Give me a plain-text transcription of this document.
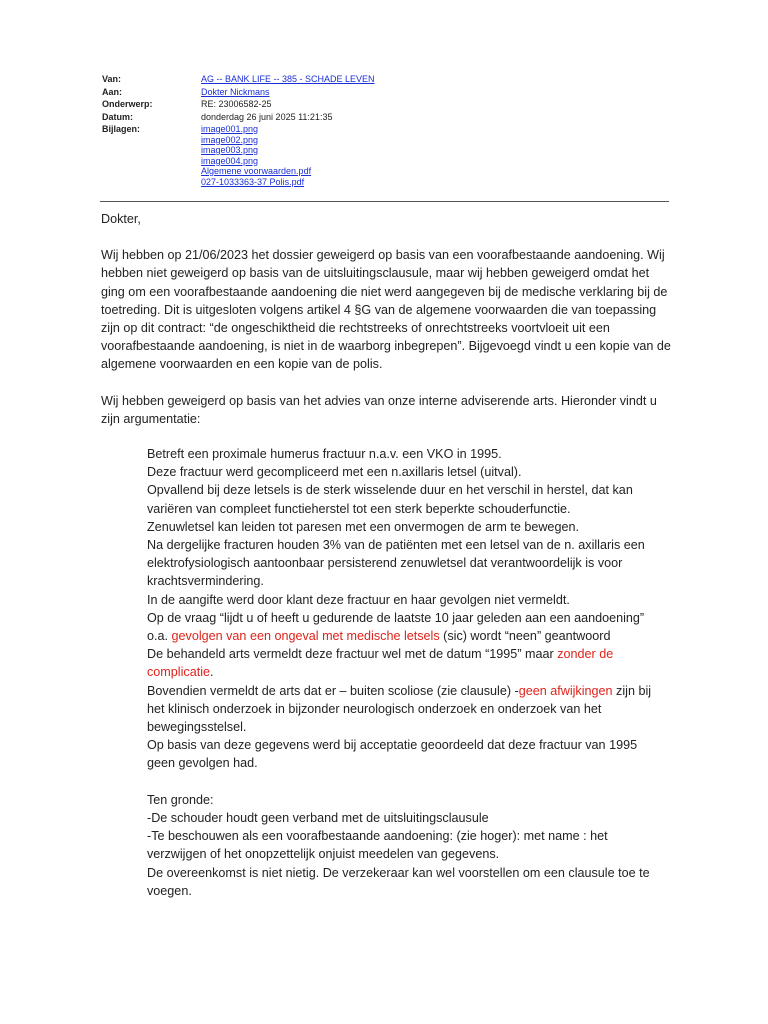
Van:	AG -- BANK LIFE -- 385 - SCHADE LEVEN
Aan:	Dokter Nickmans
Onderwerp:	RE: 23006582-25
Datum:	donderdag 26 juni 2025 11:21:35
Bijlagen:	image001.png
image002.png
image003.png
image004.png
Algemene voorwaarden.pdf
027-1033363-37 Polis.pdf

Dokter,

Wij hebben op 21/06/2023 het dossier geweigerd op basis van een voorafbestaande aandoening. Wij hebben niet geweigerd op basis van de uitsluitingsclausule, maar wij hebben geweigerd omdat het ging om een voorafbestaande aandoening die niet werd aangegeven bij de medische verklaring bij de toetreding. Dit is uitgesloten volgens artikel 4 §G van de algemene voorwaarden die van toepassing zijn op dit contract: “de ongeschiktheid die rechtstreeks of onrechtstreeks voortvloeit uit een voorafbestaande aandoening, is niet in de waarborg inbegrepen”. Bijgevoegd vindt u een kopie van de algemene voorwaarden en een kopie van de polis.

Wij hebben geweigerd op basis van het advies van onze interne adviserende arts. Hieronder vindt u zijn argumentatie:

Betreft een proximale humerus fractuur n.a.v. een VKO in 1995.

Deze fractuur werd gecompliceerd met een n.axillaris letsel (uitval).

Opvallend bij deze letsels is de sterk wisselende duur en het verschil in herstel, dat kan variëren van compleet functieherstel tot een sterk beperkte schouderfunctie.

Zenuwletsel kan leiden tot paresen met een onvermogen de arm te bewegen.

Na dergelijke fracturen houden 3% van de patiënten met een letsel van de n. axillaris een elektrofysiologisch aantoonbaar persisterend zenuwletsel dat verantwoordelijk is voor krachtsvermindering.

In de aangifte werd door klant deze fractuur en haar gevolgen niet vermeldt.

Op de vraag “lijdt u of heeft u gedurende de laatste 10 jaar geleden aan een aandoening” o.a. gevolgen van een ongeval met medische letsels (sic) wordt “neen” geantwoord

De behandeld arts vermeldt deze fractuur wel met de datum “1995” maar zonder de complicatie.

Bovendien vermeldt de arts dat er – buiten scoliose (zie clausule) -geen afwijkingen zijn bij het klinisch onderzoek in bijzonder neurologisch onderzoek en onderzoek van het bewegingsstelsel.

Op basis van deze gegevens werd bij acceptatie geoordeeld dat deze fractuur van 1995 geen gevolgen had.

Ten gronde:

-De schouder houdt geen verband met de uitsluitingsclausule

-Te beschouwen als een voorafbestaande aandoening: (zie hoger): met name : het verzwijgen of het onopzettelijk onjuist meedelen van gegevens.

De overeenkomst is niet nietig. De verzekeraar kan wel voorstellen om een clausule toe te voegen.
